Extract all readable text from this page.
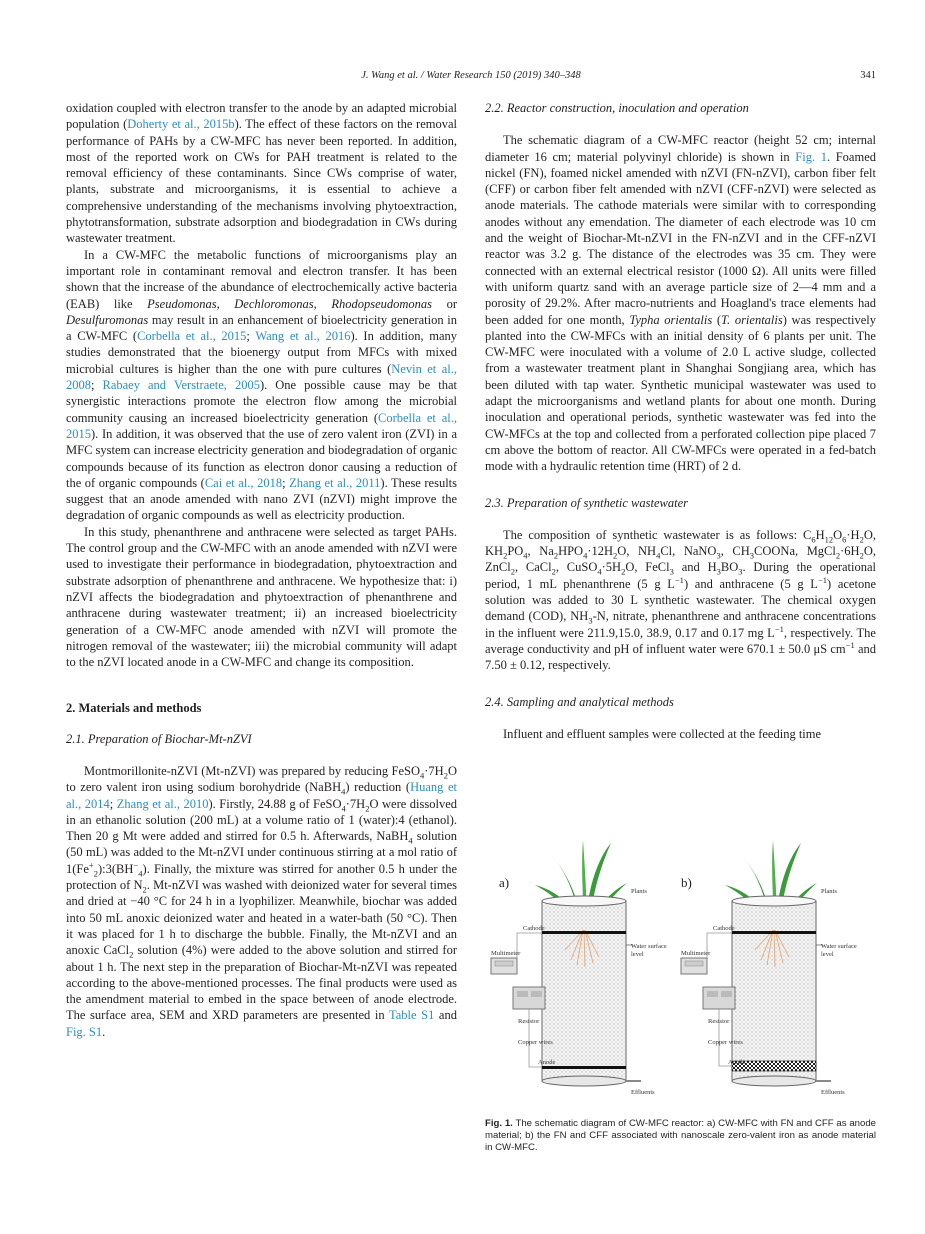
J. Wang et al. / Water Research 150 (2019) 340–348	341

oxidation coupled with electron transfer to the anode by an adapted microbial population (Doherty et al., 2015b). The effect of these factors on the removal performance of PAHs by a CW-MFC has never been reported. In addition, most of the reported work on CWs for PAH treatment is related to the removal efficiency of these contaminants. Since CWs comprise of water, plants, substrate and microorganisms, it is essential to achieve a comprehensive understanding of the mechanisms involving phytoextraction, phytotransformation, substrate adsorption and biodegradation in CWs during wastewater treatment.

In a CW-MFC the metabolic functions of microorganisms play an important role in contaminant removal and electron transfer. It has been shown that the increase of the abundance of electrochemically active bacteria (EAB) like Pseudomonas, Dechloromonas, Rhodopseudomonas or Desulfuromonas may result in an enhancement of bioelectricity generation in a CW-MFC (Corbella et al., 2015; Wang et al., 2016). In addition, many studies demonstrated that the bioenergy output from MFCs with mixed microbial cultures is higher than the one with pure cultures (Nevin et al., 2008; Rabaey and Verstraete, 2005). One possible cause may be that synergistic interactions promote the electron flow among the microbial community causing an increased bioelectricity generation (Corbella et al., 2015). In addition, it was observed that the use of zero valent iron (ZVI) in a MFC system can increase electricity generation and biodegradation of organic compounds because of its function as electron donor causing a reduction of the of organic compounds (Cai et al., 2018; Zhang et al., 2011). These results suggest that an anode amended with nano ZVI (nZVI) might improve the degradation of organic compounds as well as electricity production.

In this study, phenanthrene and anthracene were selected as target PAHs. The control group and the CW-MFC with an anode amended with nZVI were used to investigate their performance in biodegradation, phytoextraction and substrate adsorption of phenanthrene and anthracene. We hypothesize that: i) nZVI affects the biodegradation and phytoextraction of phenanthrene and anthracene during wastewater treatment; ii) an increased bioelectricity generation of a CW-MFC anode amended with nZVI will promote the nitrogen removal of the wastewater; iii) the microbial community will adapt to the nZVI located anode in a CW-MFC and change its composition.

2. Materials and methods
2.1. Preparation of Biochar-Mt-nZVI

Montmorillonite-nZVI (Mt-nZVI) was prepared by reducing $FeSO_4\cdot 7H_2O$ to zero valent iron using sodium borohydride (NaBH$_4$) reduction (Huang et al., 2014; Zhang et al., 2010). Firstly, 24.88 g of $FeSO_4\cdot 7H_2O$ were dissolved in an ethanolic solution (200 mL) at a volume ratio of 1 (water):4 (ethanol). Then 20 g Mt were added and stirred for 0.5 h. Afterwards, NaBH$_4$ solution (50 mL) was added to the Mt-nZVI under continuous stirring at a mol ratio of $1(Fe^+_2):3(BH^-_4)$. Finally, the mixture was stirred for another 0.5 h under the protection of $N_2$. Mt-nZVI was washed with deionized water for several times and dried at −40 °C for 24 h in a lyophilizer. Meanwhile, biochar was added into 50 mL anoxic deionized water and heated in a water-bath (50 °C). Then it was placed for 1 h to discharge the bubble. Finally, the Mt-nZVI and an anoxic CaCl$_2$ solution (4%) were added to the above solution and stirred for about 1 h. The next step in the preparation of Biochar-Mt-nZVI was repeated according to the above-mentioned processes. The final products were used as the amendment material to embed in the space between of anode electrode. The surface area, SEM and XRD parameters are presented in Table S1 and Fig. S1.

2.2. Reactor construction, inoculation and operation

The schematic diagram of a CW-MFC reactor (height 52 cm; internal diameter 16 cm; material polyvinyl chloride) is shown in Fig. 1. Foamed nickel (FN), foamed nickel amended with nZVI (FN-nZVI), carbon fiber felt (CFF) or carbon fiber felt amended with nZVI (CFF-nZVI) were selected as anode materials. The cathode materials were similar with to corresponding anodes without any emendation. The diameter of each electrode was 10 cm and the weight of Biochar-Mt-nZVI in the FN-nZVI and in the CFF-nZVI reactor was 3.2 g. The distance of the electrodes was 35 cm. They were connected with an external electrical resistor (1000 Ω). All units were filled with uniform quartz sand with an average particle size of 2—4 mm and a porosity of 29.2%. After macro-nutrients and Hoagland's trace elements had been added for one month, Typha orientalis (T. orientalis) was respectively planted into the CW-MFCs with an initial density of 6 plants per unit. The CW-MFC were inoculated with a volume of 2.0 L active sludge, collected from a wastewater treatment plant in Shanghai Songjiang area, which has been diluted with tap water. Synthetic municipal wastewater was used to adapt the microorganisms and wetland plants for about one month. During inoculation and operational periods, synthetic wastewater was fed into the CW-MFCs at the top and collected from a perforated collection pipe placed 7 cm above the bottom of reactor. All CW-MFCs were operated in a fed-batch mode with a hydraulic retention time (HRT) of 2 d.

2.3. Preparation of synthetic wastewater

The composition of synthetic wastewater is as follows: $C_6H_{12}O_6\cdot H_2O$, $KH_2PO_4$, $Na_2HPO_4\cdot 12H_2O$, $NH_4Cl$, NaNO$_3$, $CH_3COONa$, $MgCl_2\cdot 6H_2O$, ZnCl$_2$, CaCl$_2$, $CuSO_4\cdot 5H_2O$, FeCl$_3$ and $H_3BO_3$. During the operational period, 1 mL phenanthrene (5 g $L^{-1}$) and anthracene (5 g $L^{-1}$) acetone solution was added to 30 L synthetic wastewater. The chemical oxygen demand (COD), $NH_3-N$, nitrate, phenanthrene and anthracene concentrations in the influent were 211.9,15.0, 38.9, 0.17 and 0.17 mg $L^{-1}$, respectively. The average conductivity and pH of influent water were 670.1 ± 50.0 μS $cm^{-1}$ and 7.50 ± 0.12, respectively.

2.4. Sampling and analytical methods

Influent and effluent samples were collected at the feeding time

a)
Cathode
Multimeter
Plants
Water surface
level
Resistor
Copper wires
Anode
Effluents
b)
Cathode
Multimeter
Plants
Water surface
level
Resistor
Copper wires
Anode
Effluents
Fig. 1. The schematic diagram of CW-MFC reactor: a) CW-MFC with FN and CFF as anode material; b) the FN and CFF associated with nanoscale zero-valent iron as anode material in CW-MFC.
